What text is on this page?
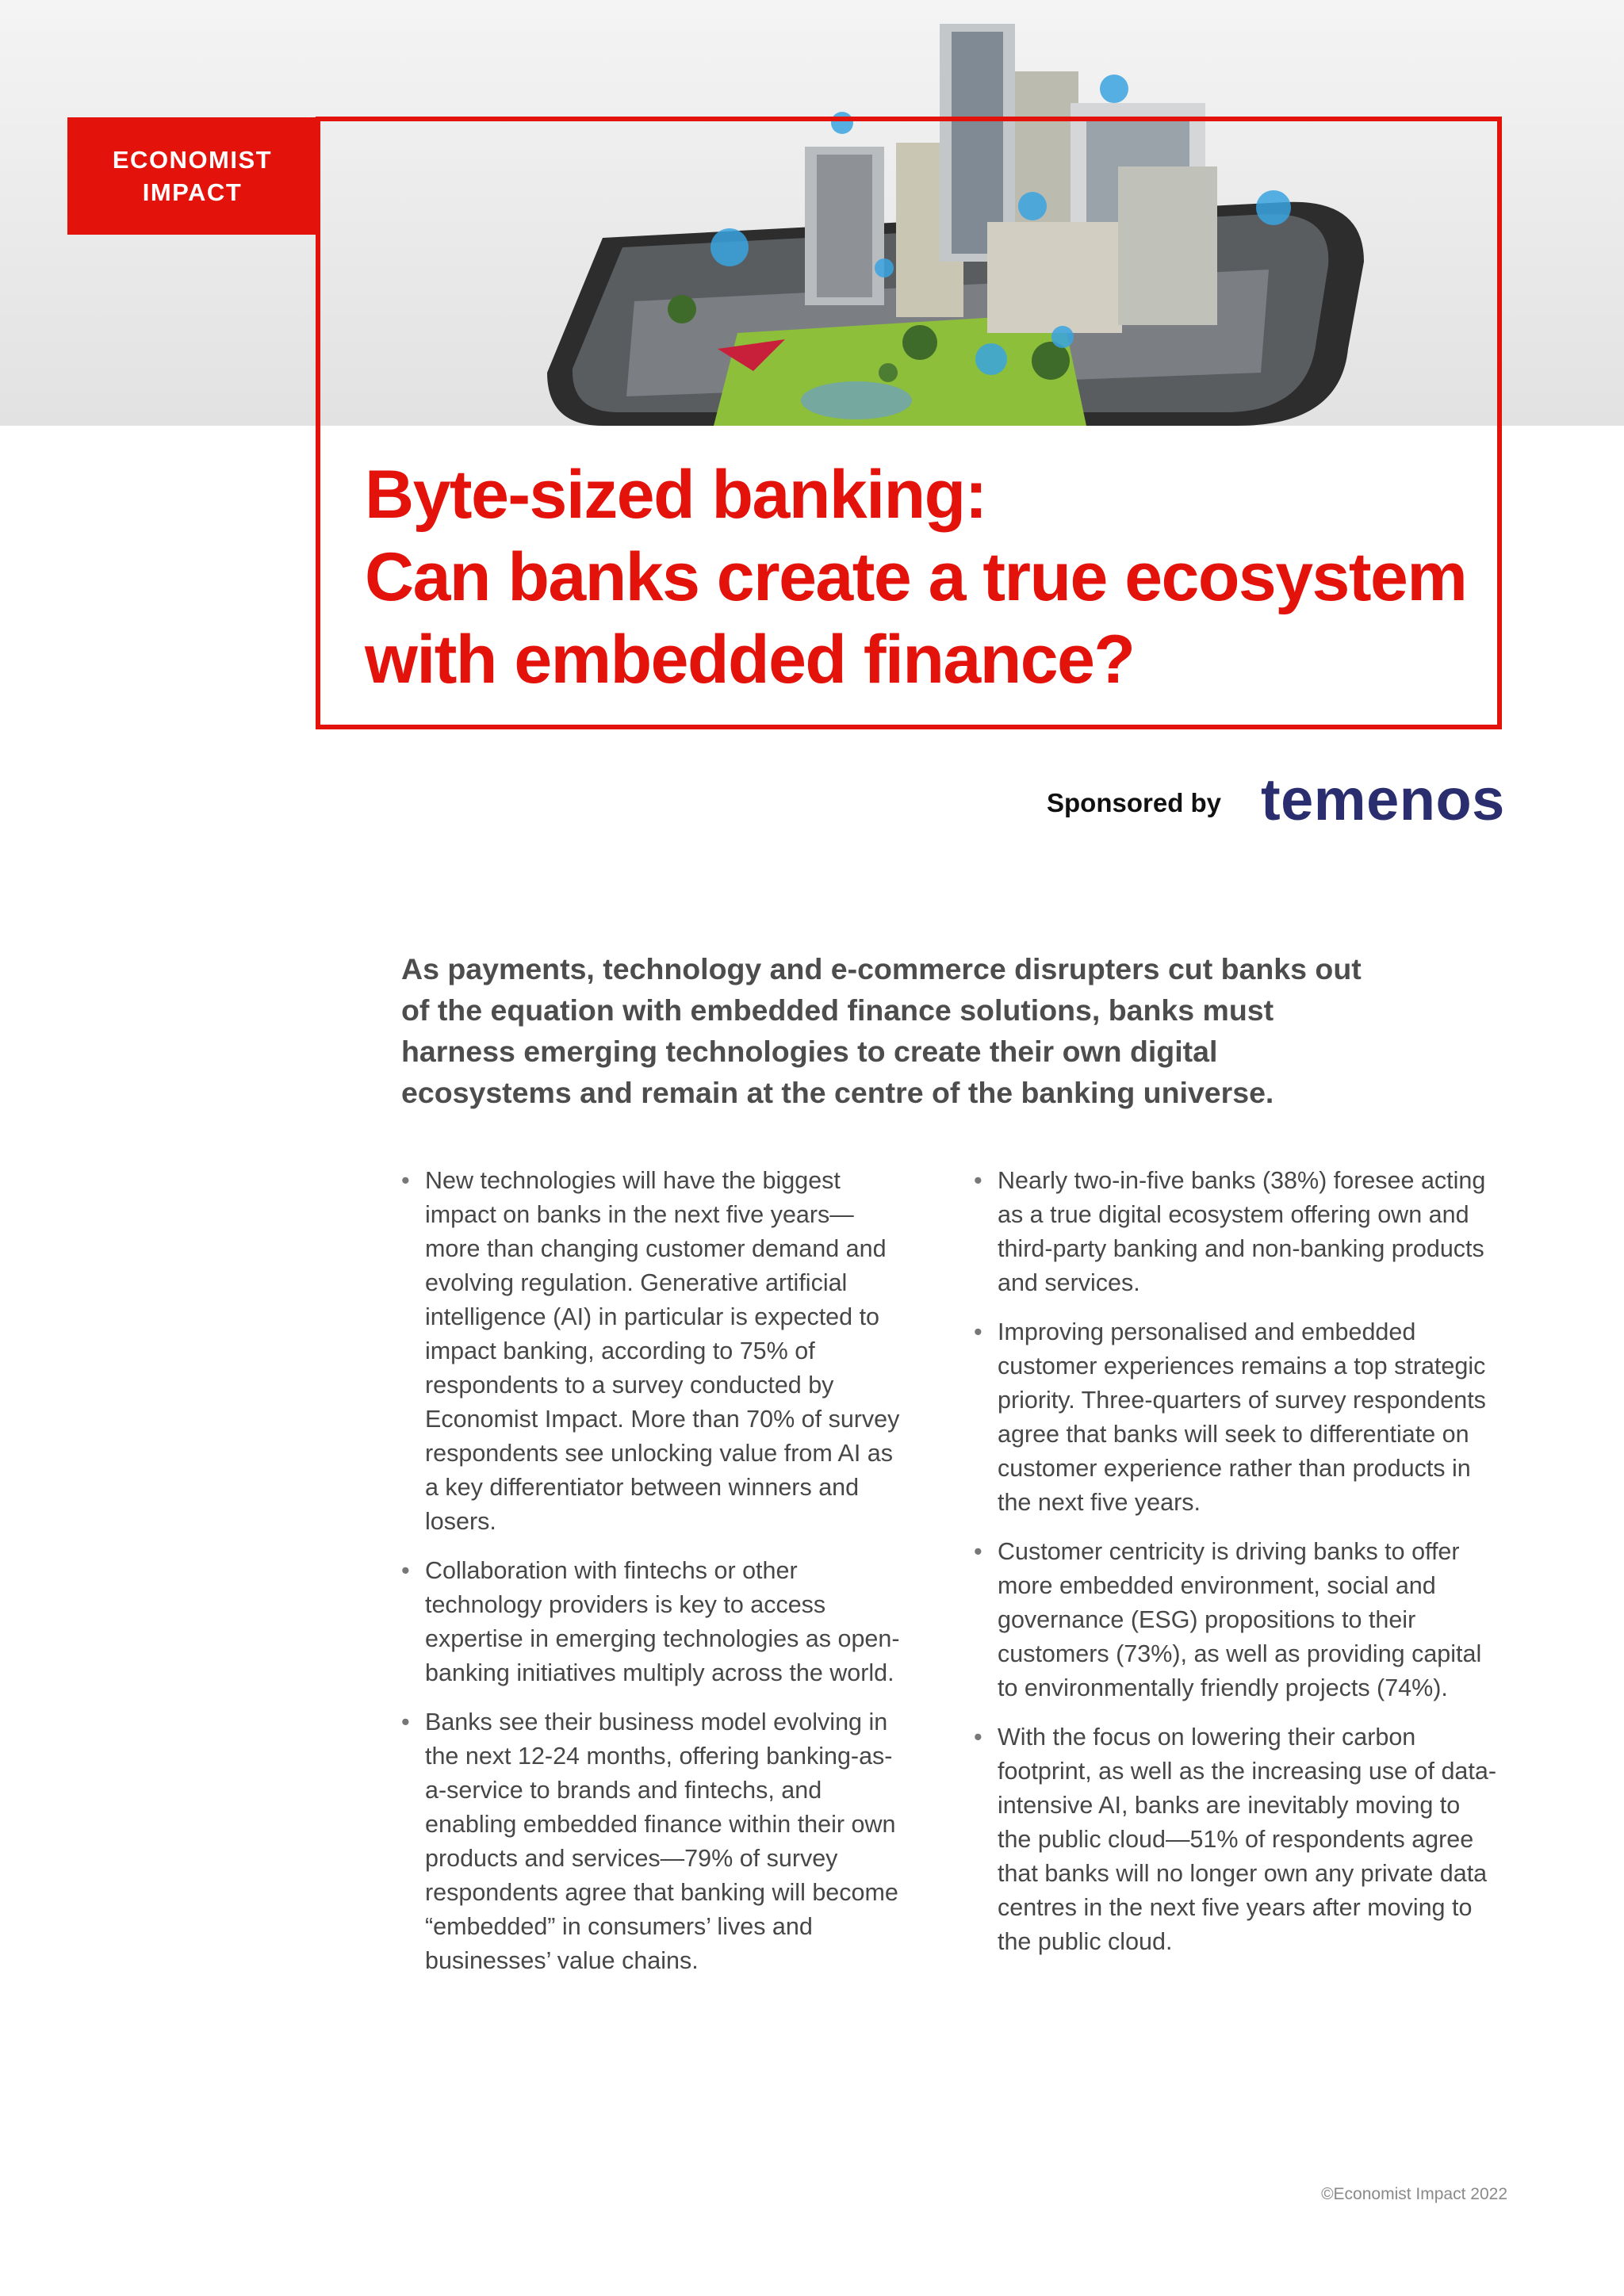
ECONOMIST
IMPACT
Byte-sized banking:
Can banks create a true ecosystem
with embedded finance?
Sponsored by temenos

As payments, technology and e-commerce disrupters cut banks out of the equation with embedded finance solutions, banks must harness emerging technologies to create their own digital ecosystems and remain at the centre of the banking universe.

• New technologies will have the biggest impact on banks in the next five years—more than changing customer demand and evolving regulation. Generative artificial intelligence (AI) in particular is expected to impact banking, according to 75% of respondents to a survey conducted by Economist Impact. More than 70% of survey respondents see unlocking value from AI as a key differentiator between winners and losers.
• Collaboration with fintechs or other technology providers is key to access expertise in emerging technologies as open-banking initiatives multiply across the world.
• Banks see their business model evolving in the next 12-24 months, offering banking-as-a-service to brands and fintechs, and enabling embedded finance within their own products and services—79% of survey respondents agree that banking will become “embedded” in consumers’ lives and businesses’ value chains.
• Nearly two-in-five banks (38%) foresee acting as a true digital ecosystem offering own and third-party banking and non-banking products and services.
• Improving personalised and embedded customer experiences remains a top strategic priority. Three-quarters of survey respondents agree that banks will seek to differentiate on customer experience rather than products in the next five years.
• Customer centricity is driving banks to offer more embedded environment, social and governance (ESG) propositions to their customers (73%), as well as providing capital to environmentally friendly projects (74%).
• With the focus on lowering their carbon footprint, as well as the increasing use of data-intensive AI, banks are inevitably moving to the public cloud—51% of respondents agree that banks will no longer own any private data centres in the next five years after moving to the public cloud.
©Economist Impact 2022
